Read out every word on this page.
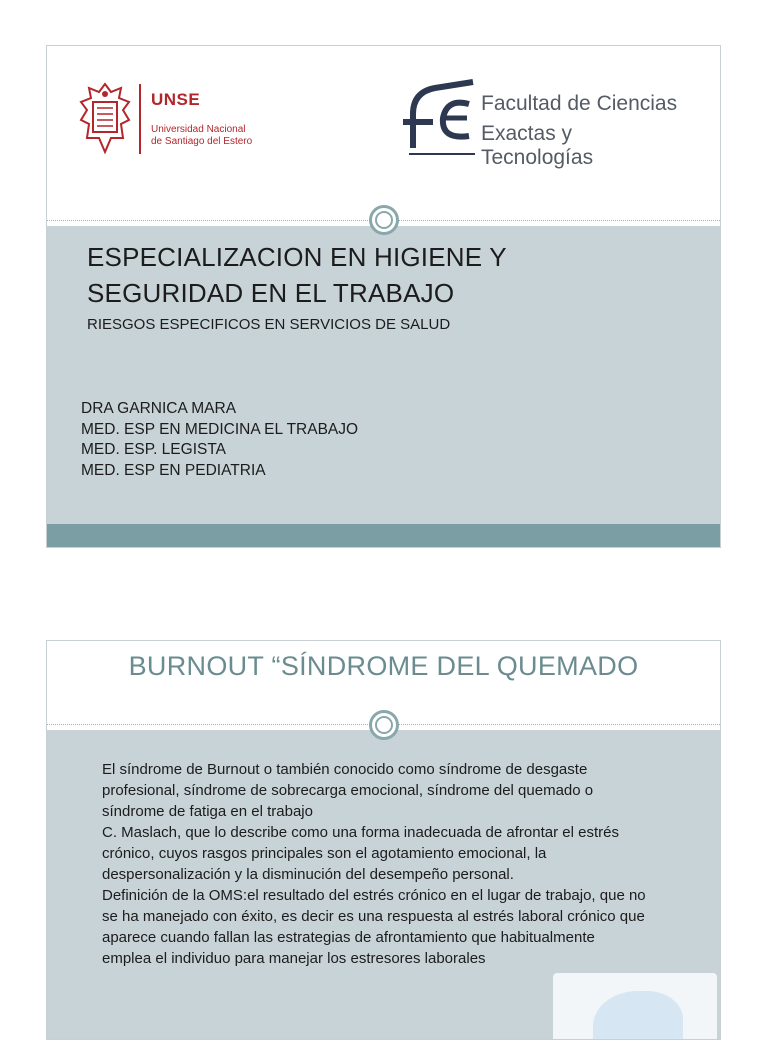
UNSE
Universidad Nacional
de Santiago del Estero
Facultad de Ciencias
Exactas y Tecnologías
ESPECIALIZACION EN HIGIENE Y
SEGURIDAD EN EL TRABAJO
RIESGOS ESPECIFICOS EN SERVICIOS DE SALUD
DRA GARNICA MARA
MED. ESP EN MEDICINA EL TRABAJO
MED. ESP. LEGISTA
MED. ESP EN PEDIATRIA
BURNOUT “SÍNDROME DEL QUEMADO

El síndrome de Burnout o también conocido como síndrome de desgaste profesional, síndrome de sobrecarga emocional, síndrome del quemado o síndrome de fatiga en el trabajo

C. Maslach, que lo describe como una forma inadecuada de afrontar el estrés crónico, cuyos rasgos principales son el agotamiento emocional, la despersonalización y la disminución del desempeño personal.

Definición de la OMS:el resultado del estrés crónico en el lugar de trabajo, que no se ha manejado con éxito, es decir es una respuesta al estrés laboral crónico que aparece cuando fallan las estrategias de afrontamiento que habitualmente emplea el individuo para manejar los estresores laborales
